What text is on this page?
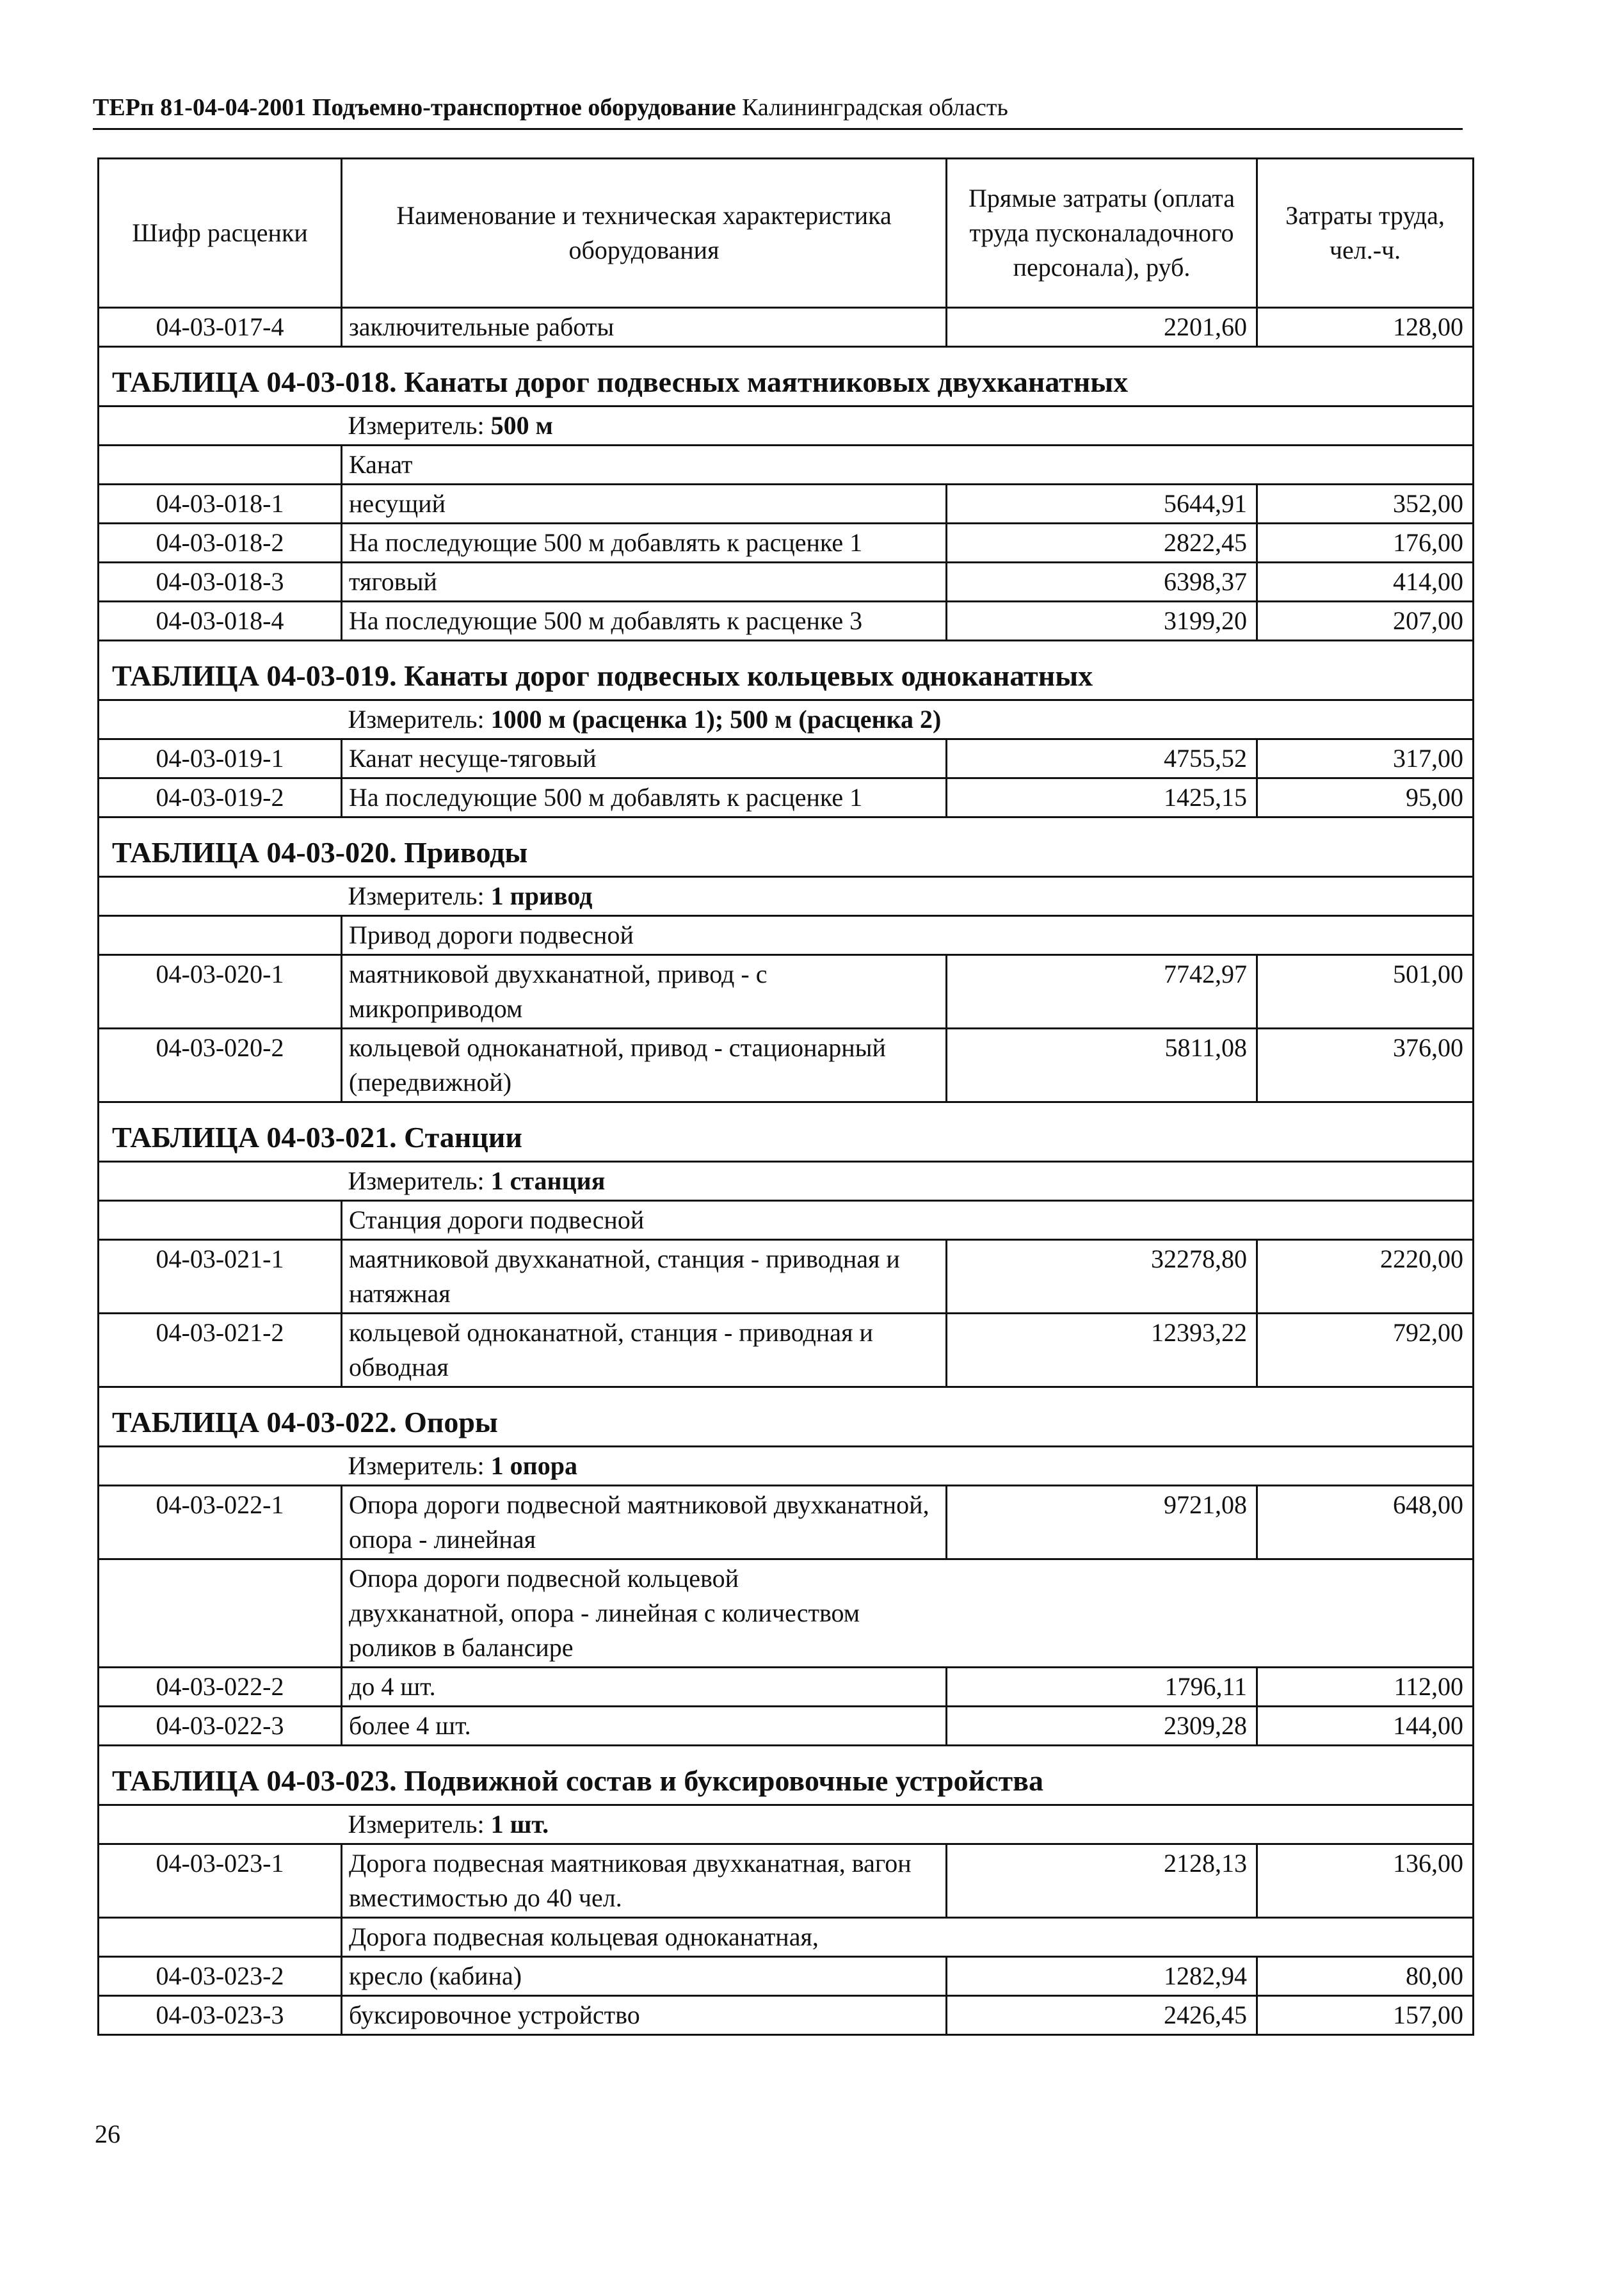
ТЕРп 81-04-04-2001 Подъемно-транспортное оборудование Калининградская область
Шифр расценки	Наименование и техническая характеристика оборудования	Прямые затраты (оплата труда пусконаладочного персонала), руб.	Затраты труда, чел.-ч.
04-03-017-4	заключительные работы	2201,60	128,00
ТАБЛИЦА 04-03-018. Канаты дорог подвесных маятниковых двухканатных			
	Измеритель: 500 м		
	Канат		
04-03-018-1	несущий	5644,91	352,00
04-03-018-2	На последующие 500 м добавлять к расценке 1	2822,45	176,00
04-03-018-3	тяговый	6398,37	414,00
04-03-018-4	На последующие 500 м добавлять к расценке 3	3199,20	207,00
ТАБЛИЦА 04-03-019. Канаты дорог подвесных кольцевых одноканатных			
	Измеритель: 1000 м (расценка 1); 500 м (расценка 2)		
04-03-019-1	Канат несуще-тяговый	4755,52	317,00
04-03-019-2	На последующие 500 м добавлять к расценке 1	1425,15	95,00
ТАБЛИЦА 04-03-020. Приводы			
	Измеритель: 1 привод		
	Привод дороги подвесной		
04-03-020-1	маятниковой двухканатной, привод - с микроприводом	7742,97	501,00
04-03-020-2	кольцевой одноканатной, привод - стационарный (передвижной)	5811,08	376,00
ТАБЛИЦА 04-03-021. Станции			
	Измеритель: 1 станция		
	Станция дороги подвесной		
04-03-021-1	маятниковой двухканатной, станция - приводная и натяжная	32278,80	2220,00
04-03-021-2	кольцевой одноканатной, станция - приводная и обводная	12393,22	792,00
ТАБЛИЦА 04-03-022. Опоры			
	Измеритель: 1 опора		
04-03-022-1	Опора дороги подвесной маятниковой двухканатной, опора - линейная	9721,08	648,00

	Опора дороги подвесной кольцевой двухканатной, опора - линейная с количеством роликов в балансире		

04-03-022-2	до 4 шт.	1796,11	112,00
04-03-022-3	более 4 шт.	2309,28	144,00
ТАБЛИЦА 04-03-023. Подвижной состав и буксировочные устройства			
	Измеритель: 1 шт.		
04-03-023-1	Дорога подвесная маятниковая двухканатная, вагон вместимостью до 40 чел.	2128,13	136,00
	Дорога подвесная кольцевая одноканатная,		
04-03-023-2	кресло (кабина)	1282,94	80,00
04-03-023-3	буксировочное устройство	2426,45	157,00
26
